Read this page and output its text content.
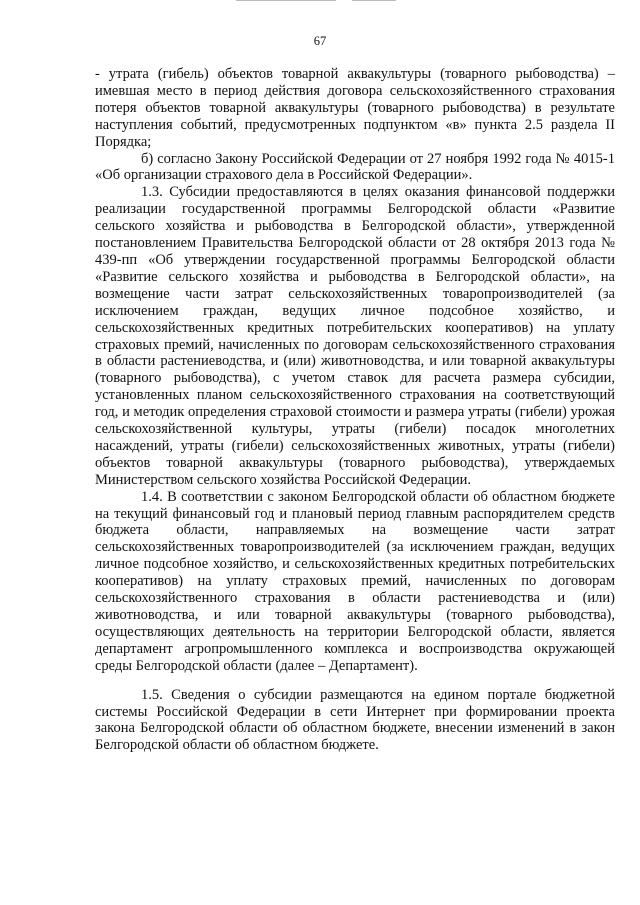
67

- утрата (гибель) объектов товарной аквакультуры (товарного рыбоводства) – имевшая место в период действия договора сельскохозяйственного страхования потеря объектов товарной аквакультуры (товарного рыбоводства) в результате наступления событий, предусмотренных подпунктом «в» пункта 2.5 раздела II Порядка;

б) согласно Закону Российской Федерации от 27 ноября 1992 года № 4015-1 «Об организации страхового дела в Российской Федерации».

1.3. Субсидии предоставляются в целях оказания финансовой поддержки реализации государственной программы Белгородской области «Развитие сельского хозяйства и рыбоводства в Белгородской области», утвержденной постановлением Правительства Белгородской области от 28 октября 2013 года № 439-пп «Об утверждении государственной программы Белгородской области «Развитие сельского хозяйства и рыбоводства в Белгородской области», на возмещение части затрат сельскохозяйственных товаропроизводителей (за исключением граждан, ведущих личное подсобное хозяйство, и сельскохозяйственных кредитных потребительских кооперативов) на уплату страховых премий, начисленных по договорам сельскохозяйственного страхования в области растениеводства, и (или) животноводства, и или товарной аквакультуры (товарного рыбоводства), с учетом ставок для расчета размера субсидии, установленных планом сельскохозяйственного страхования на соответствующий год, и методик определения страховой стоимости и размера утраты (гибели) урожая сельскохозяйственной культуры, утраты (гибели) посадок многолетних насаждений, утраты (гибели) сельскохозяйственных животных, утраты (гибели) объектов товарной аквакультуры (товарного рыбоводства), утверждаемых Министерством сельского хозяйства Российской Федерации.

1.4. В соответствии с законом Белгородской области об областном бюджете на текущий финансовый год и плановый период главным распорядителем средств бюджета области, направляемых на возмещение части затрат сельскохозяйственных товаропроизводителей (за исключением граждан, ведущих личное подсобное хозяйство, и сельскохозяйственных кредитных потребительских кооперативов) на уплату страховых премий, начисленных по договорам сельскохозяйственного страхования в области растениеводства и (или) животноводства, и или товарной аквакультуры (товарного рыбоводства), осуществляющих деятельность на территории Белгородской области, является департамент агропромышленного комплекса и воспроизводства окружающей среды Белгородской области (далее – Департамент).

1.5. Сведения о субсидии размещаются на едином портале бюджетной системы Российской Федерации в сети Интернет при формировании проекта закона Белгородской области об областном бюджете, внесении изменений в закон Белгородской области об областном бюджете.
